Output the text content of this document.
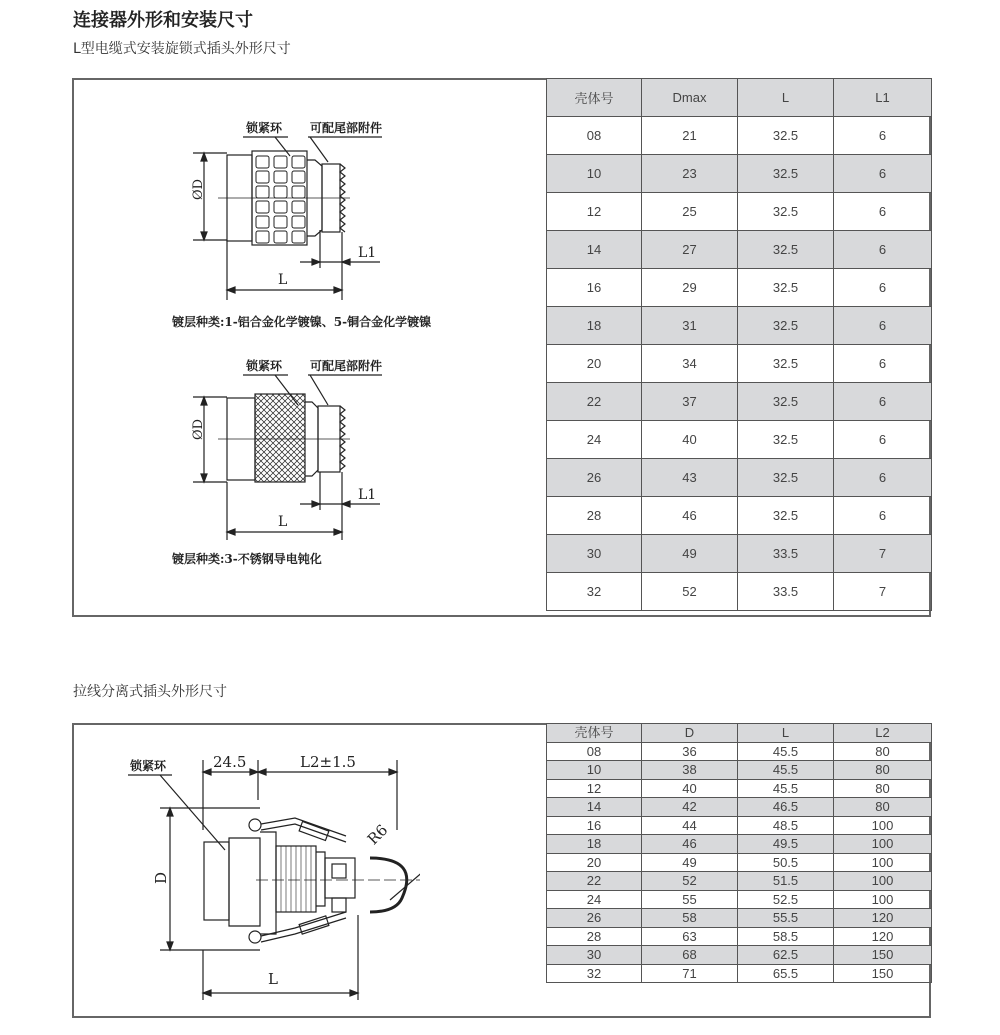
连接器外形和安装尺寸
L型电缆式安装旋锁式插头外形尺寸
拉线分离式插头外形尺寸
锁紧环 可配尾部附件
ØD
L
L1
镀层种类:1-铝合金化学镀镍、5-铜合金化学镀镍
锁紧环 可配尾部附件
ØD
L
L1
镀层种类:3-不锈钢导电钝化
锁紧环	24.5	L2±1.5
R6
D
L
壳体号	Dmax	L	L1
08	21	32.5	6
10	23	32.5	6
12	25	32.5	6
14	27	32.5	6
16	29	32.5	6
18	31	32.5	6
20	34	32.5	6
22	37	32.5	6
24	40	32.5	6
26	43	32.5	6
28	46	32.5	6
30	49	33.5	7
32	52	33.5	7
壳体号	D	L	L2
08	36	45.5	80
10	38	45.5	80
12	40	45.5	80
14	42	46.5	80
16	44	48.5	100
18	46	49.5	100
20	49	50.5	100
22	52	51.5	100
24	55	52.5	100
26	58	55.5	120
28	63	58.5	120
30	68	62.5	150
32	71	65.5	150
